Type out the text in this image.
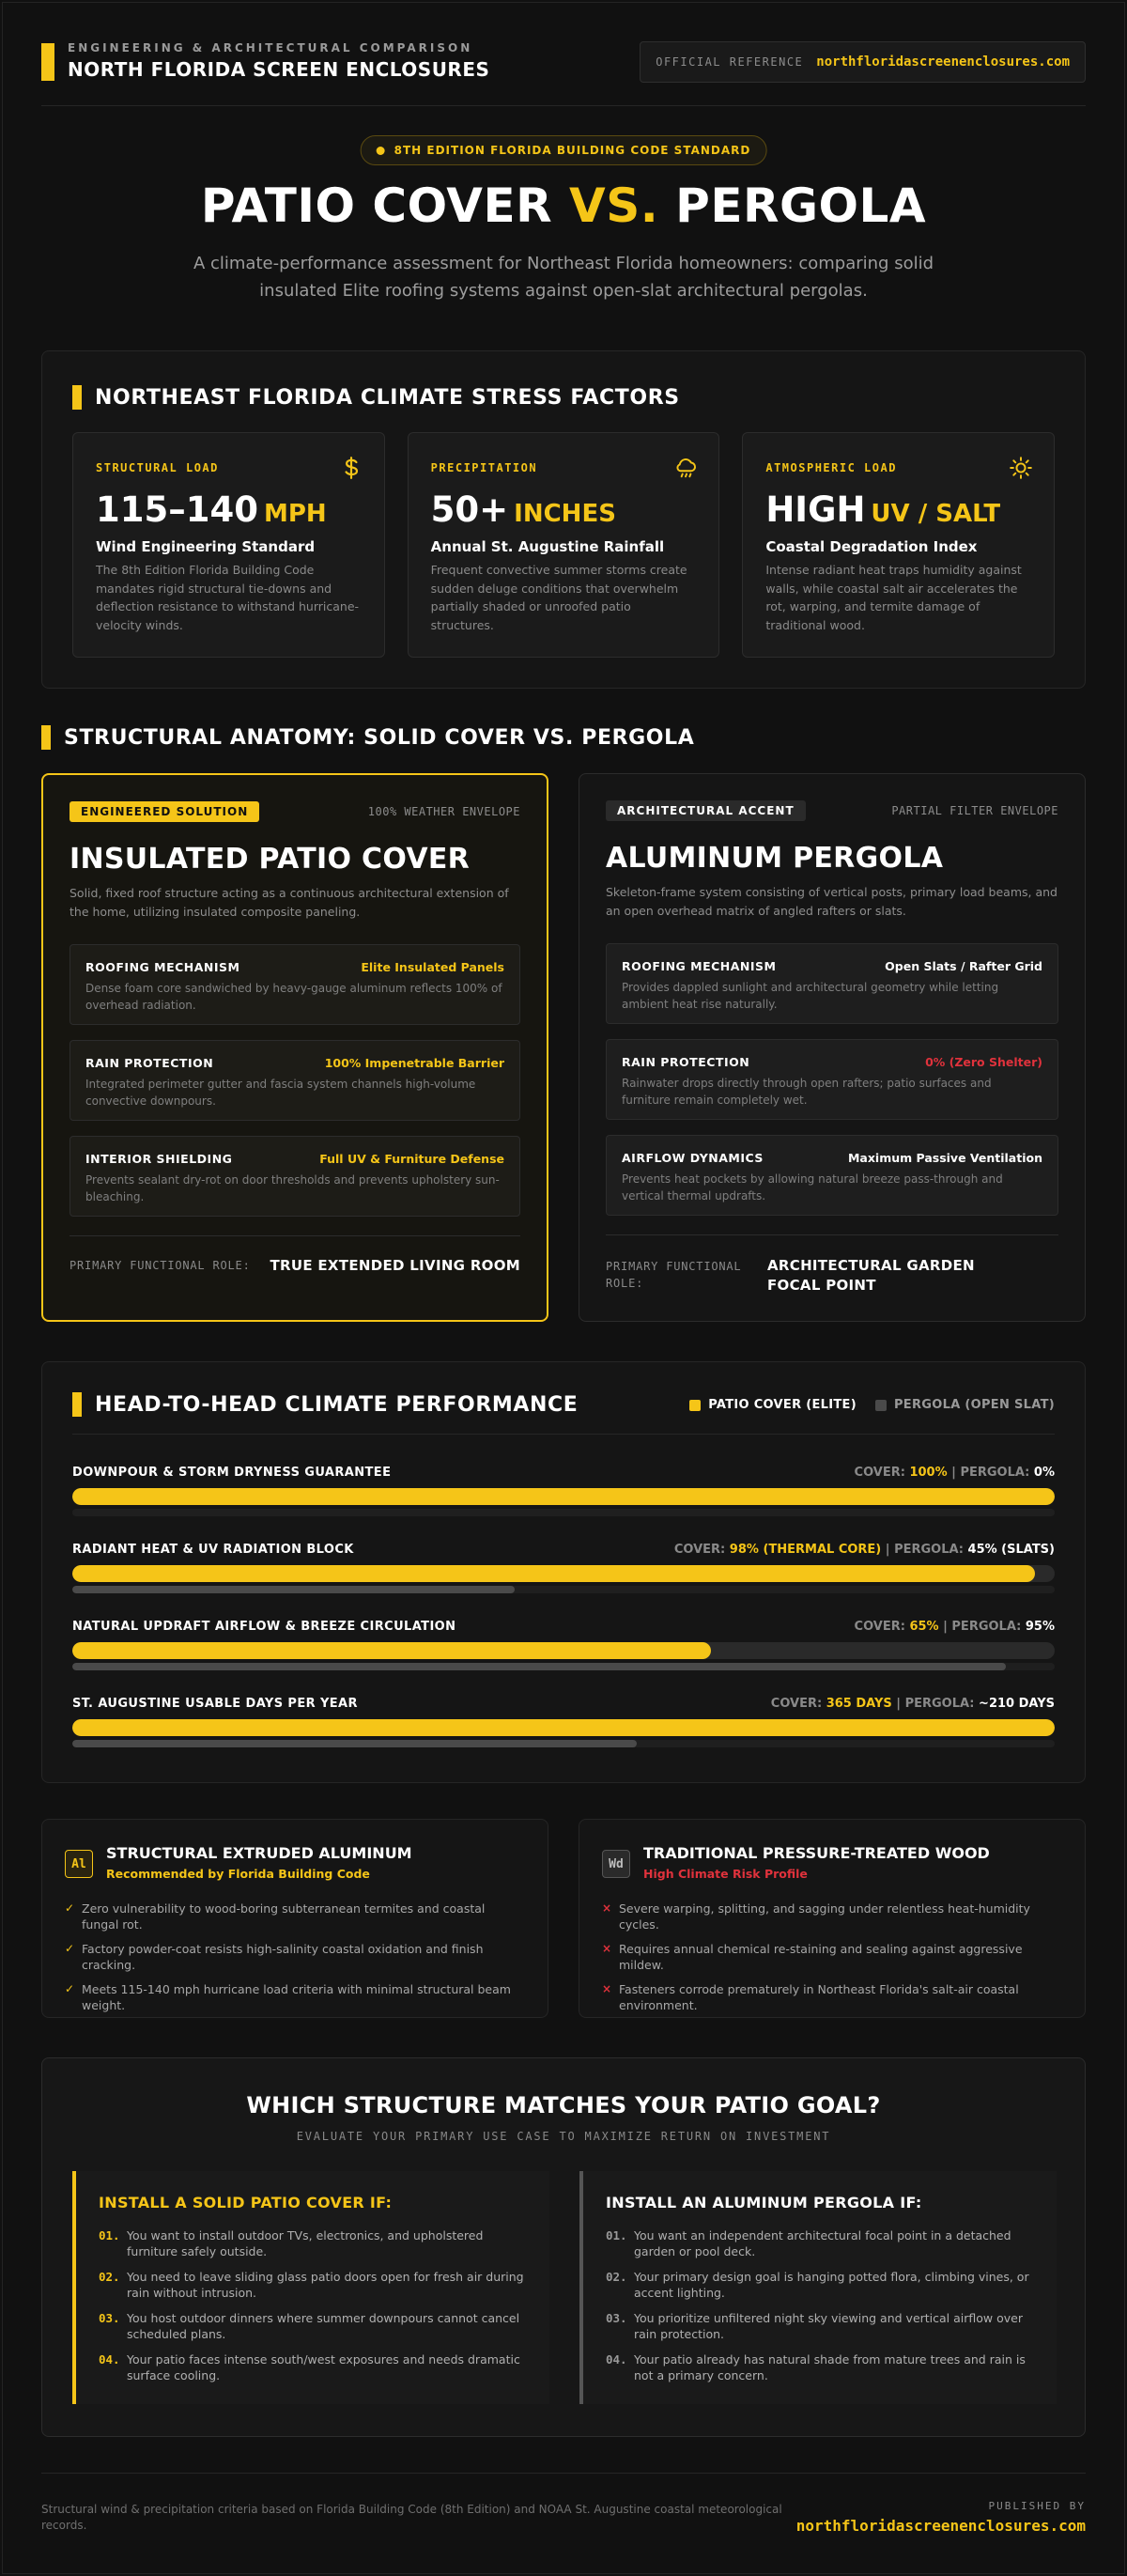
ENGINEERING & ARCHITECTURAL COMPARISON
NORTH FLORIDA SCREEN ENCLOSURES	OFFICIAL REFERENCE northfloridascreenenclosures.com
8TH EDITION FLORIDA BUILDING CODE STANDARD
PATIO COVER VS. PERGOLA
A climate-performance assessment for Northeast Florida homeowners: comparing solid insulated Elite roofing systems against open-slat architectural pergolas.
NORTHEAST FLORIDA CLIMATE STRESS FACTORS
STRUCTURAL LOAD
115–140 MPH
Wind Engineering Standard
The 8th Edition Florida Building Code mandates rigid structural tie-downs and deflection resistance to withstand hurricane-velocity winds.
PRECIPITATION
50+ INCHES
Annual St. Augustine Rainfall
Frequent convective summer storms create sudden deluge conditions that overwhelm partially shaded or unroofed patio structures.
ATMOSPHERIC LOAD
HIGH UV / SALT
Coastal Degradation Index
Intense radiant heat traps humidity against walls, while coastal salt air accelerates the rot, warping, and termite damage of traditional wood.
STRUCTURAL ANATOMY: SOLID COVER VS. PERGOLA
ENGINEERED SOLUTION	100% WEATHER ENVELOPE
INSULATED PATIO COVER
Solid, fixed roof structure acting as a continuous architectural extension of the home, utilizing insulated composite paneling.
ROOFING MECHANISM	Elite Insulated Panels
Dense foam core sandwiched by heavy-gauge aluminum reflects 100% of overhead radiation.
RAIN PROTECTION	100% Impenetrable Barrier
Integrated perimeter gutter and fascia system channels high-volume convective downpours.
INTERIOR SHIELDING	Full UV & Furniture Defense
Prevents sealant dry-rot on door thresholds and prevents upholstery sun-bleaching.
PRIMARY FUNCTIONAL ROLE: TRUE EXTENDED LIVING ROOM
ARCHITECTURAL ACCENT	PARTIAL FILTER ENVELOPE
ALUMINUM PERGOLA
Skeleton-frame system consisting of vertical posts, primary load beams, and an open overhead matrix of angled rafters or slats.
ROOFING MECHANISM	Open Slats / Rafter Grid
Provides dappled sunlight and architectural geometry while letting ambient heat rise naturally.
RAIN PROTECTION	0% (Zero Shelter)
Rainwater drops directly through open rafters; patio surfaces and furniture remain completely wet.
AIRFLOW DYNAMICS	Maximum Passive Ventilation
Prevents heat pockets by allowing natural breeze pass-through and vertical thermal updrafts.
PRIMARY FUNCTIONAL ROLE:
ARCHITECTURAL GARDEN FOCAL POINT
HEAD-TO-HEAD CLIMATE PERFORMANCE	PATIO COVER (ELITE)	PERGOLA (OPEN SLAT)
DOWNPOUR & STORM DRYNESS GUARANTEE	COVER: 100% | PERGOLA: 0%
RADIANT HEAT & UV RADIATION BLOCK	COVER: 98% (THERMAL CORE) | PERGOLA: 45% (SLATS)
NATURAL UPDRAFT AIRFLOW & BREEZE CIRCULATION	COVER: 65% | PERGOLA: 95%
ST. AUGUSTINE USABLE DAYS PER YEAR	COVER: 365 DAYS | PERGOLA: ~210 DAYS
Al
STRUCTURAL EXTRUDED ALUMINUM
Recommended by Florida Building Code
✓ Zero vulnerability to wood-boring subterranean termites and coastal fungal rot.
✓ Factory powder-coat resists high-salinity coastal oxidation and finish cracking.
✓ Meets 115-140 mph hurricane load criteria with minimal structural beam weight.
Wd
TRADITIONAL PRESSURE-TREATED WOOD
High Climate Risk Profile
× Severe warping, splitting, and sagging under relentless heat-humidity cycles.
× Requires annual chemical re-staining and sealing against aggressive mildew.
× Fasteners corrode prematurely in Northeast Florida's salt-air coastal environment.
WHICH STRUCTURE MATCHES YOUR PATIO GOAL?
EVALUATE YOUR PRIMARY USE CASE TO MAXIMIZE RETURN ON INVESTMENT
INSTALL A SOLID PATIO COVER IF:
01. You want to install outdoor TVs, electronics, and upholstered furniture safely outside.
02. You need to leave sliding glass patio doors open for fresh air during rain without intrusion.
03. You host outdoor dinners where summer downpours cannot cancel scheduled plans.
04. Your patio faces intense south/west exposures and needs dramatic surface cooling.
INSTALL AN ALUMINUM PERGOLA IF:
01. You want an independent architectural focal point in a detached garden or pool deck.
02. Your primary design goal is hanging potted flora, climbing vines, or accent lighting.
03. You prioritize unfiltered night sky viewing and vertical airflow over rain protection.
04. Your patio already has natural shade from mature trees and rain is not a primary concern.
Structural wind & precipitation criteria based on Florida Building Code (8th Edition) and NOAA St. Augustine coastal meteorological records.
PUBLISHED BY
northfloridascreenenclosures.com
